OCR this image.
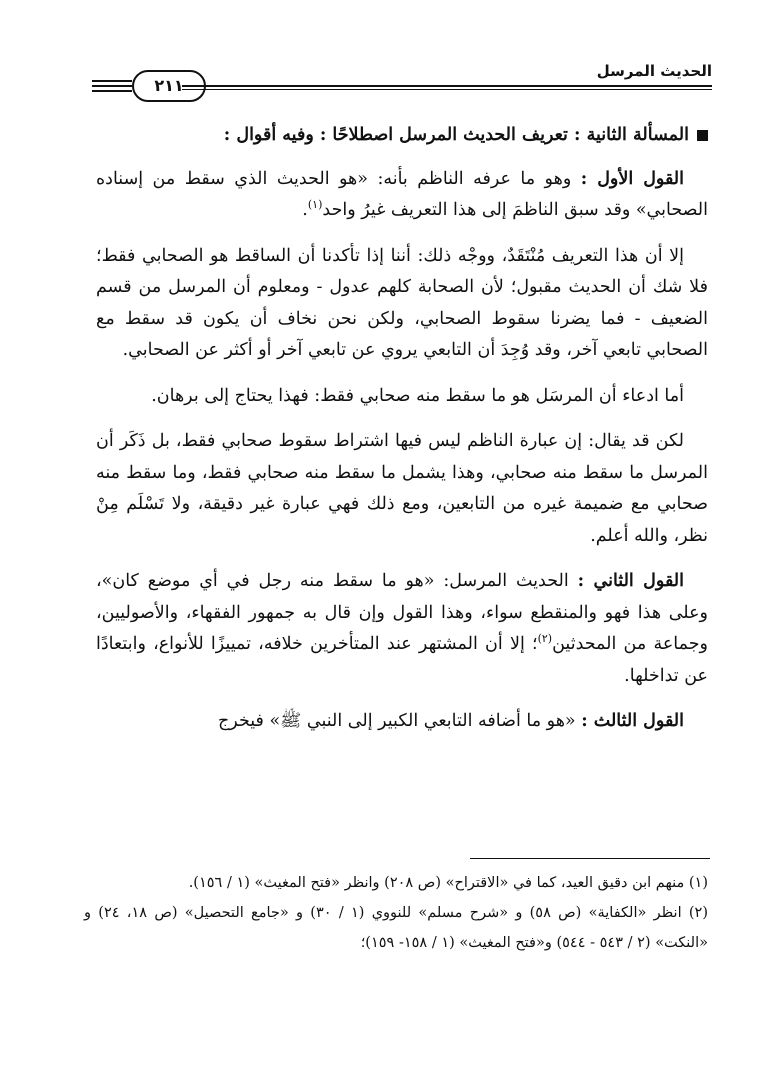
٢١١
الحديث المرسل

المسألة الثانية : تعريف الحديث المرسل اصطلاحًا : وفيه أقوال :

القول الأول : وهو ما عرفه الناظم بأنه: «هو الحديث الذي سقط من إسناده الصحابي» وقد سبق الناظمَ إلى هذا التعريف غيرُ واحد$^{(١)}$.

إلا أن هذا التعريف مُنْتَقَدٌ، ووجْه ذلك: أننا إذا تأكدنا أن الساقط هو الصحابي فقط؛ فلا شك أن الحديث مقبول؛ لأن الصحابة كلهم عدول - ومعلوم أن المرسل من قسم الضعيف - فما يضرنا سقوط الصحابي، ولكن نحن نخاف أن يكون قد سقط مع الصحابي تابعي آخر، وقد وُجِدَ أن التابعي يروي عن تابعي آخر أو أكثر عن الصحابي.

أما ادعاء أن المرسَل هو ما سقط منه صحابي فقط: فهذا يحتاج إلى برهان.

لكن قد يقال: إن عبارة الناظم ليس فيها اشتراط سقوط صحابي فقط، بل ذَكَر أن المرسل ما سقط منه صحابي، وهذا يشمل ما سقط منه صحابي فقط، وما سقط منه صحابي مع ضميمة غيره من التابعين، ومع ذلك فهي عبارة غير دقيقة، ولا تَسْلَم مِنْ نظر، والله أعلم.

القول الثاني : الحديث المرسل: «هو ما سقط منه رجل في أي موضع كان»، وعلى هذا فهو والمنقطع سواء، وهذا القول وإن قال به جمهور الفقهاء، والأصوليين، وجماعة من المحدثين$^{(٢)}$؛ إلا أن المشتهر عند المتأخرين خلافه، تمييزًا للأنواع، وابتعادًا عن تداخلها.

القول الثالث : «هو ما أضافه التابعي الكبير إلى النبي ﷺ» فيخرج

(١) منهم ابن دقيق العيد، كما في «الاقتراح» (ص ٢٠٨) وانظر «فتح المغيث» (١ / ١٥٦).

(٢) انظر «الكفاية» (ص ٥٨) و «شرح مسلم» للنووي (١ / ٣٠) و «جامع التحصيل» (ص ١٨، ٢٤) و «النكت» (٢ / ٥٤٣ - ٥٤٤) و«فتح المغيث» (١ / ١٥٨- ١٥٩)؛
